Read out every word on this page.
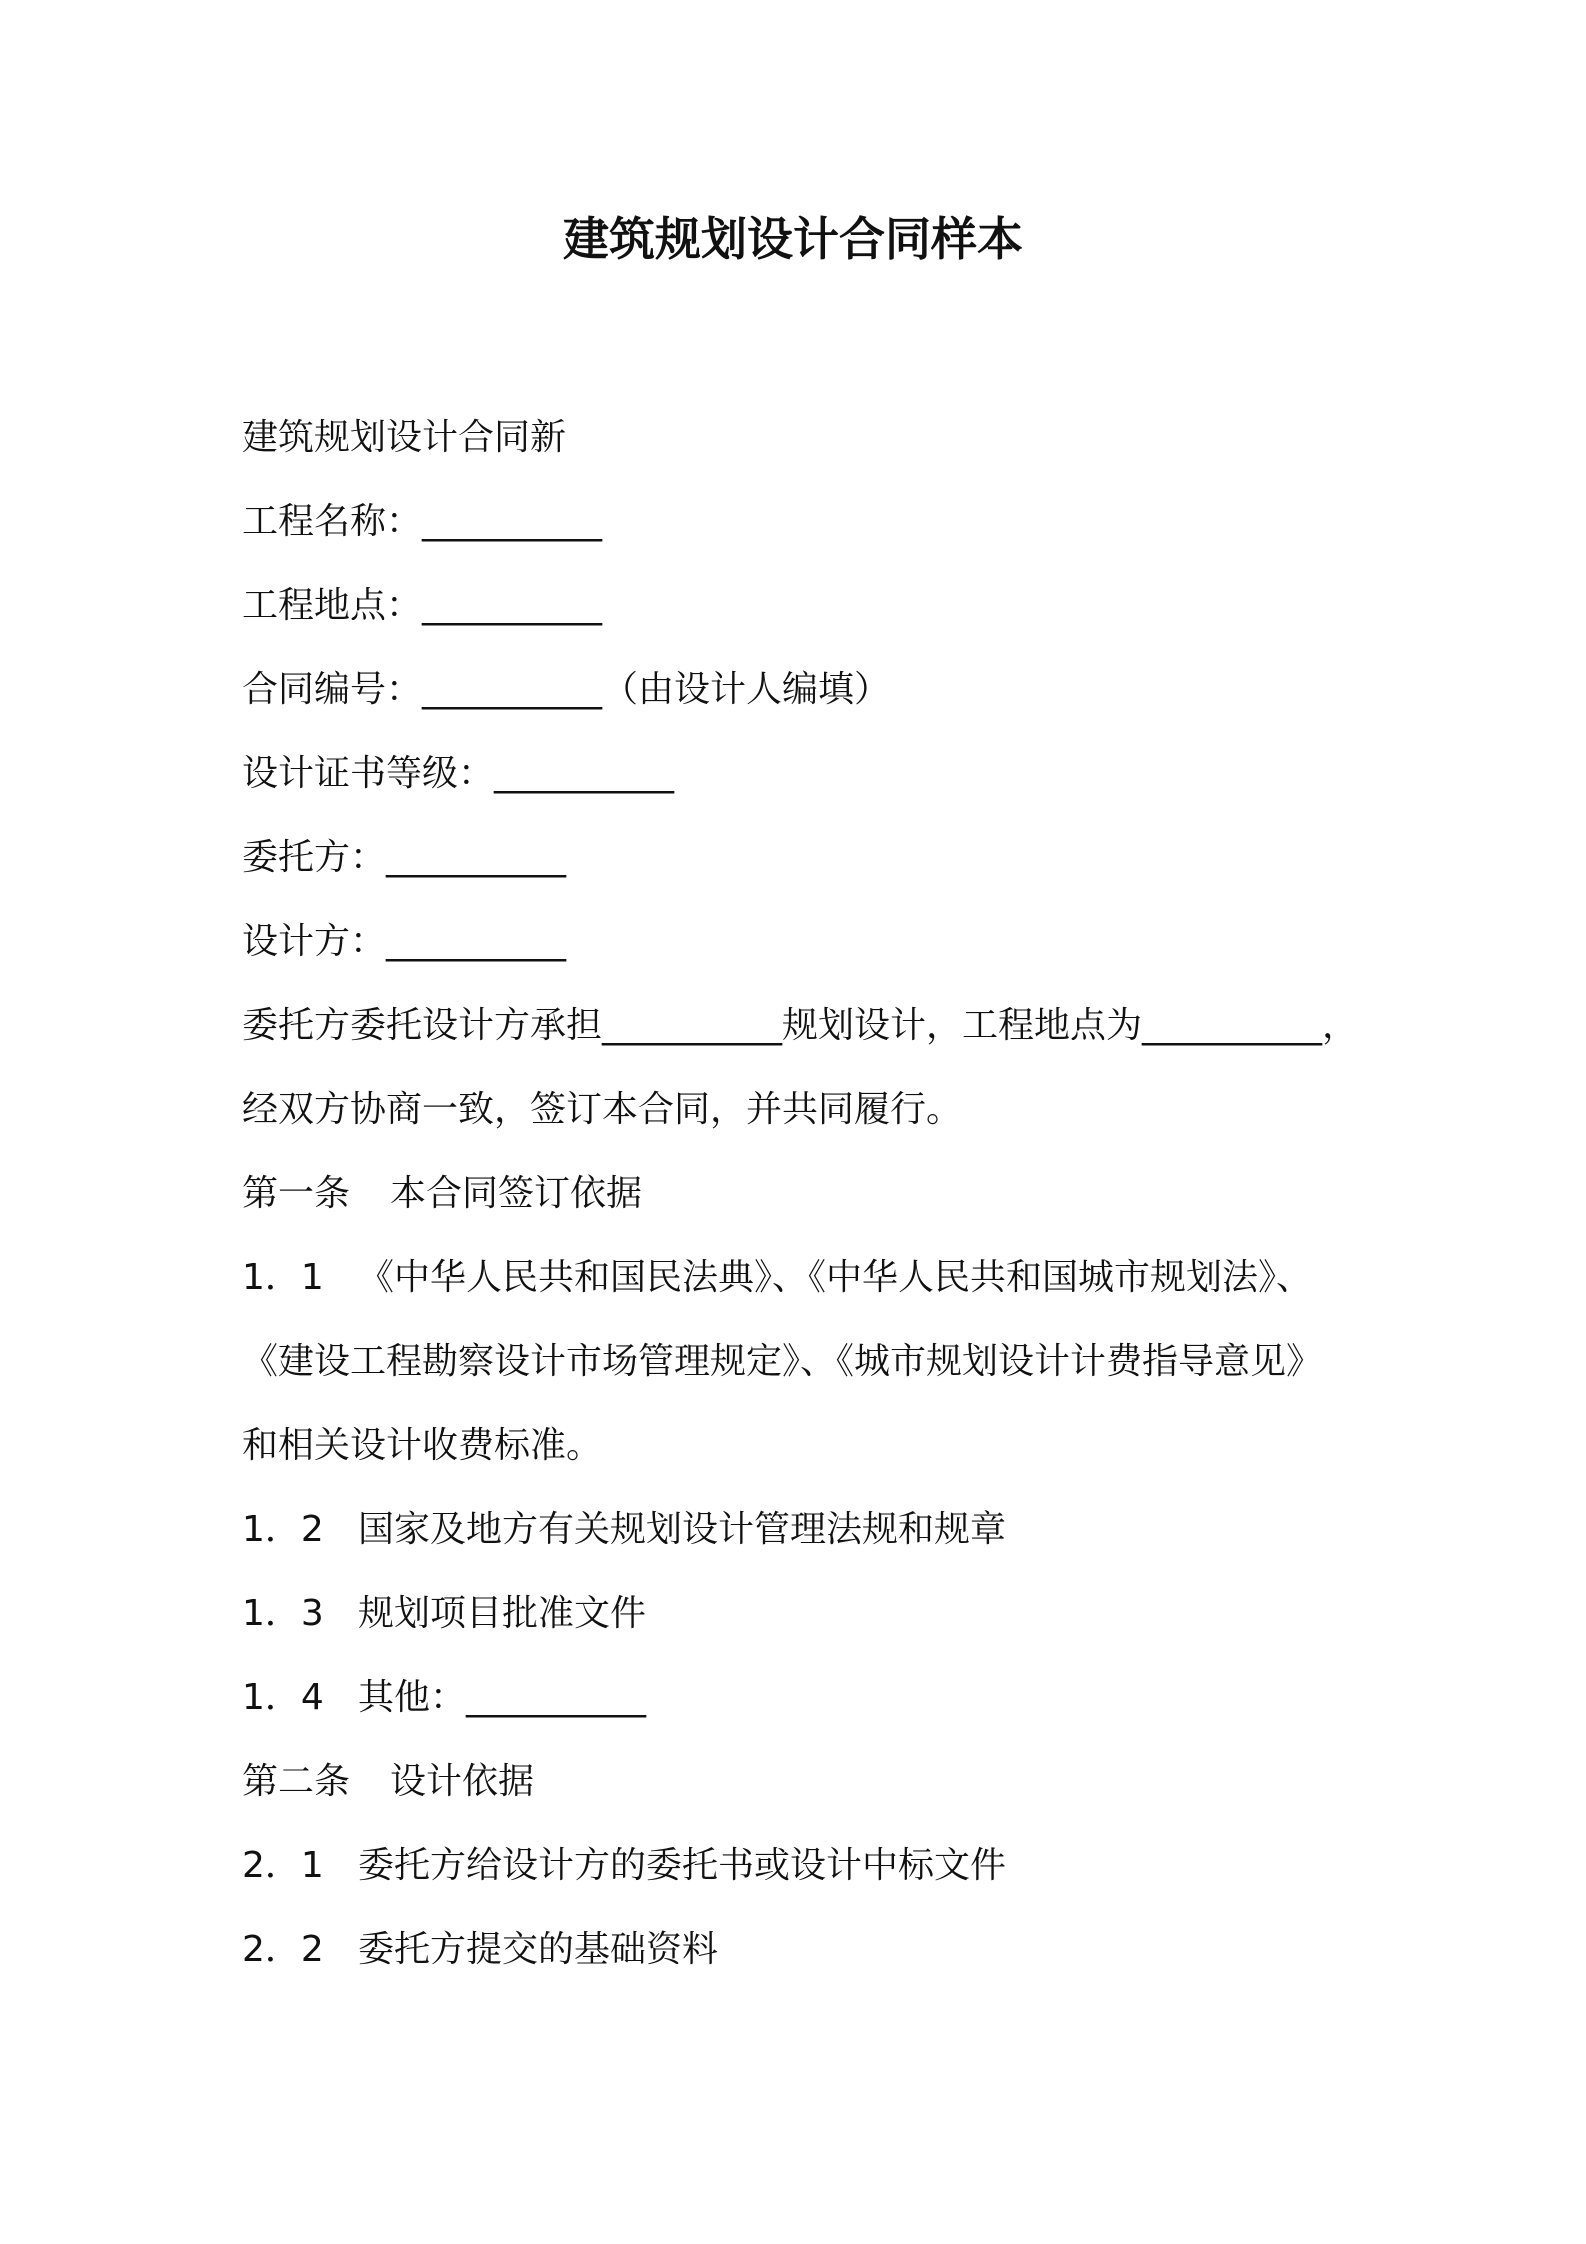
建筑规划设计合同样本
建筑规划设计合同新
工程名称：__________
工程地点：__________
合同编号：__________（由设计人编填）
设计证书等级：__________
委托方：__________
设计方：__________
委托方委托设计方承担__________规划设计，工程地点为__________，
经双方协商一致，签订本合同，并共同履行。
第一条 本合同签订依据
1．1 《中华人民共和国民法典》、《中华人民共和国城市规划法》、
《建设工程勘察设计市场管理规定》、《城市规划设计计费指导意见》
和相关设计收费标准。
1．2 国家及地方有关规划设计管理法规和规章
1．3 规划项目批准文件
1．4 其他：__________
第二条 设计依据
2．1 委托方给设计方的委托书或设计中标文件
2．2 委托方提交的基础资料
